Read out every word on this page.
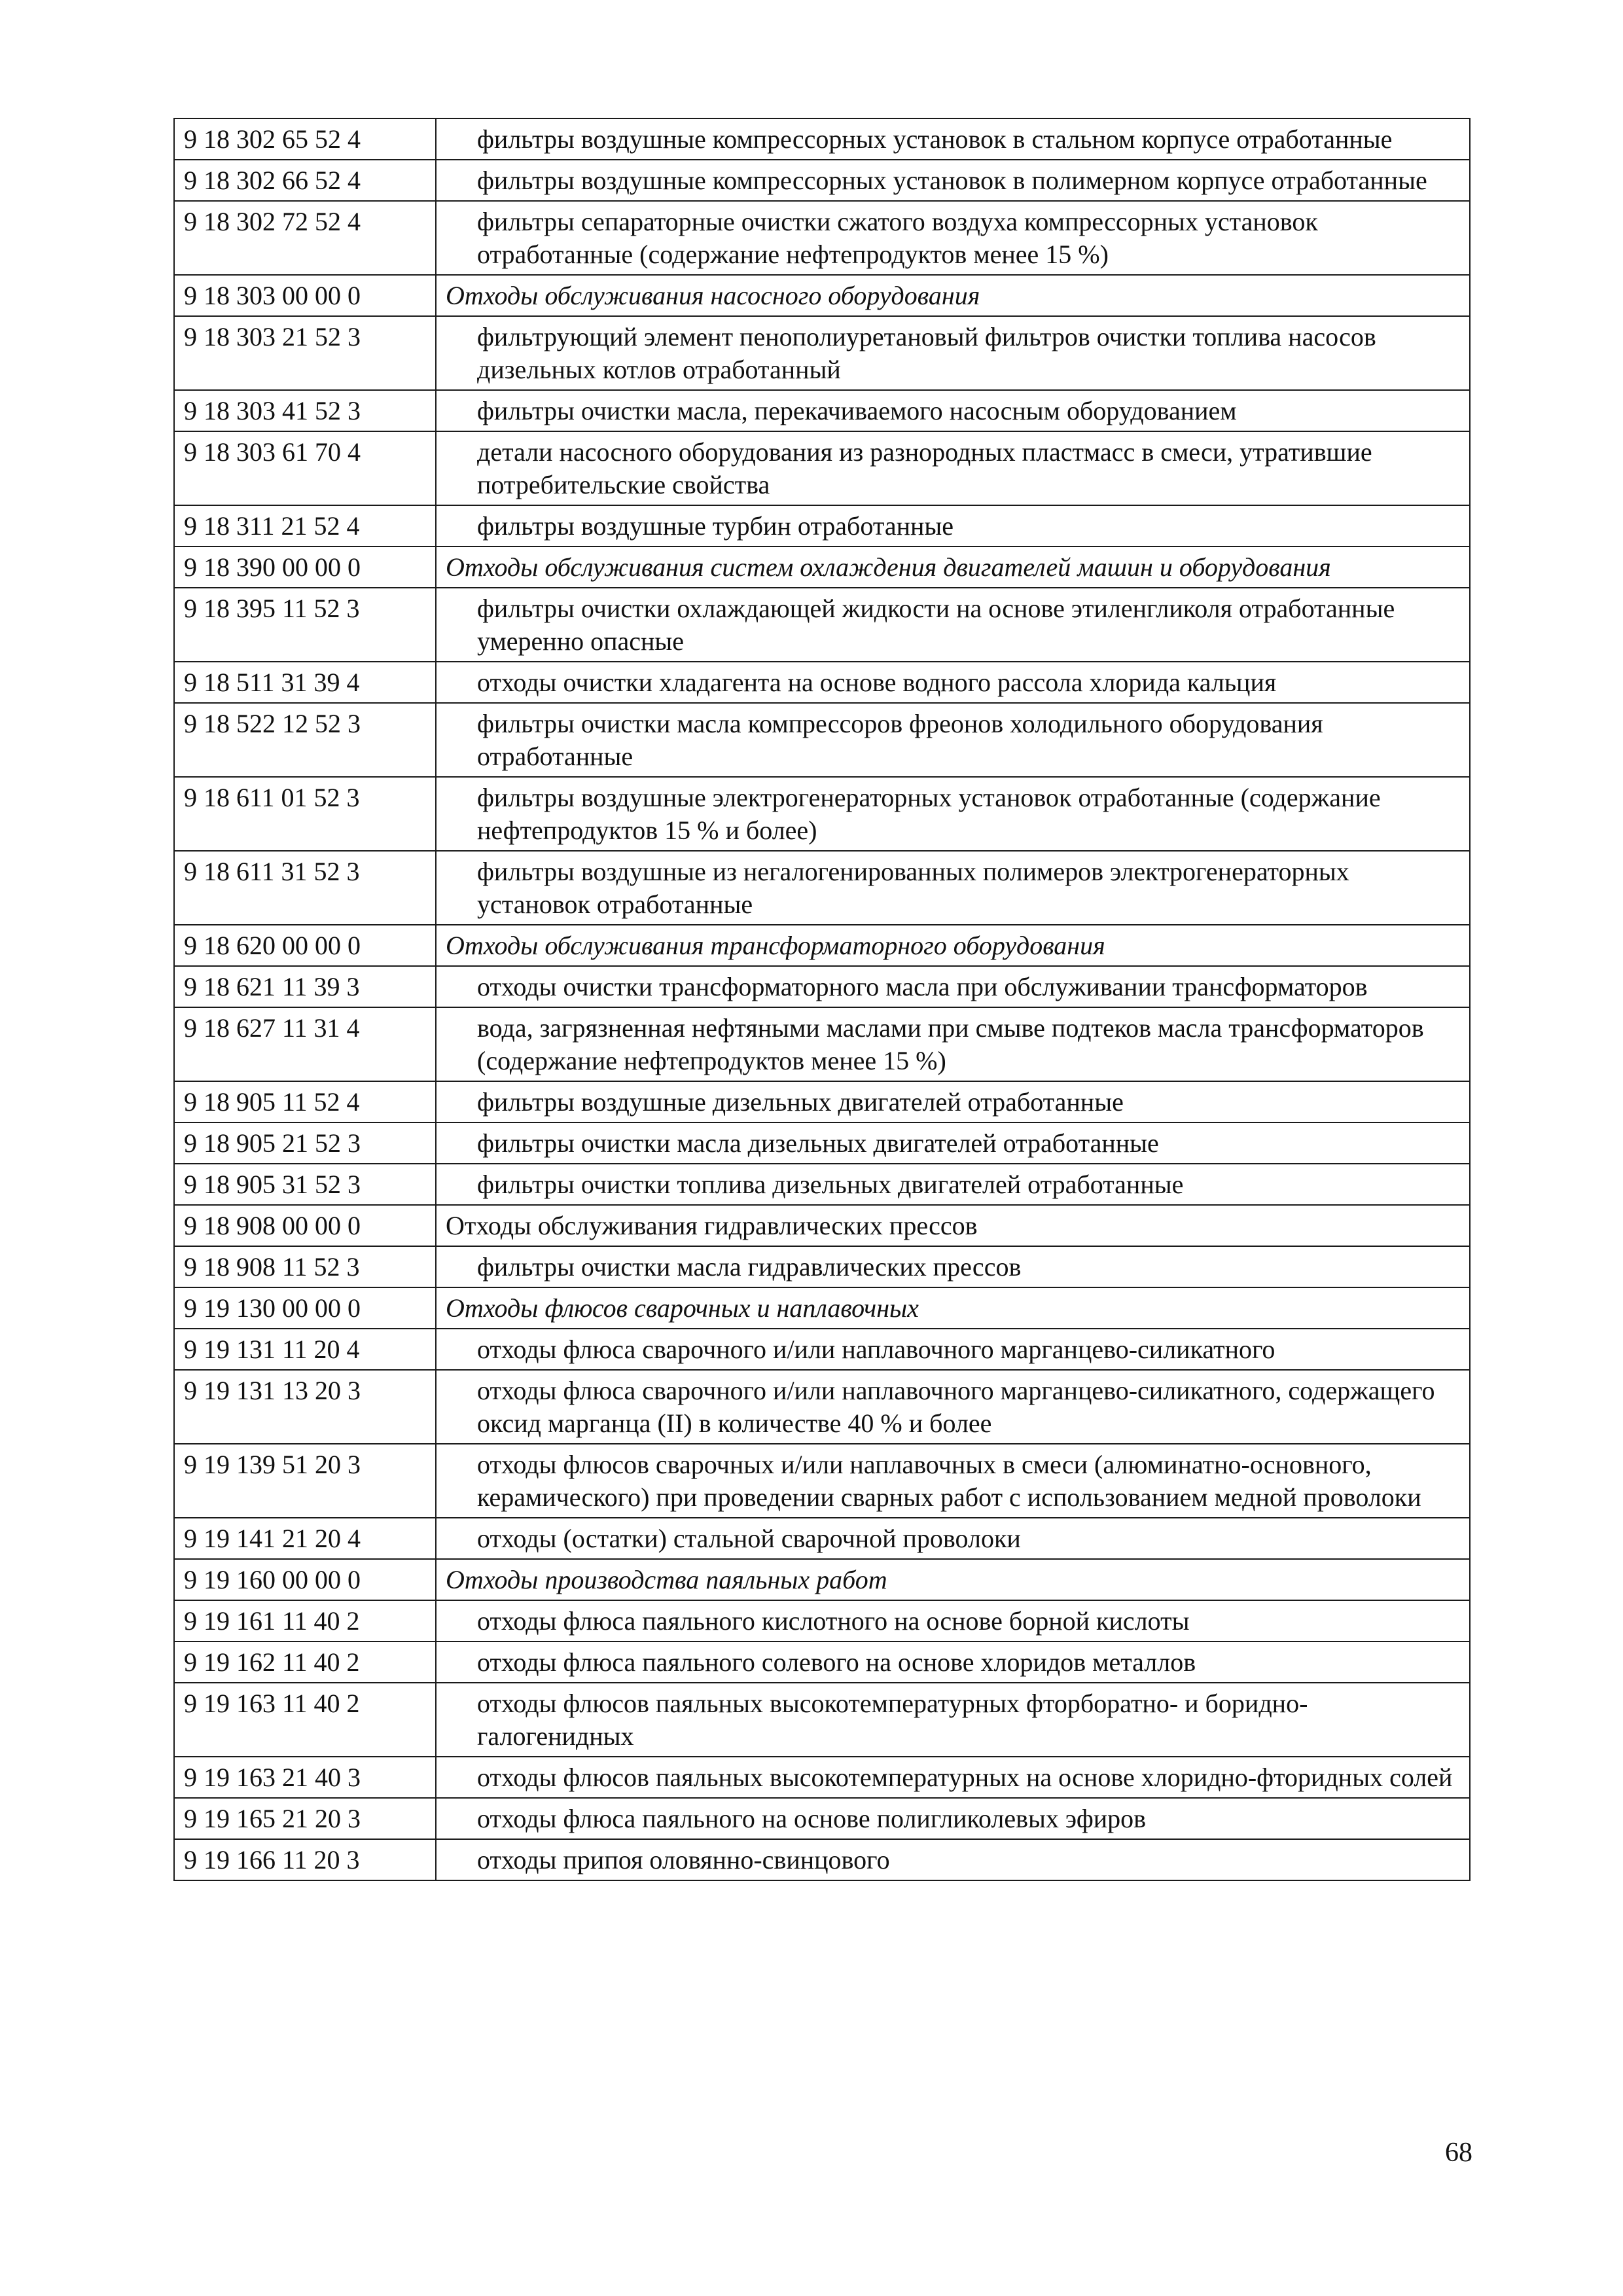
9 18 302 65 52 4	фильтры воздушные компрессорных установок в стальном корпусе отработанные
9 18 302 66 52 4	фильтры воздушные компрессорных установок в полимерном корпусе отработанные
9 18 302 72 52 4	фильтры сепараторные очистки сжатого воздуха компрессорных установок отработанные (содержание нефтепродуктов менее 15 %)
9 18 303 00 00 0	Отходы обслуживания насосного оборудования
9 18 303 21 52 3	фильтрующий элемент пенополиуретановый фильтров очистки топлива насосов дизельных котлов отработанный
9 18 303 41 52 3	фильтры очистки масла, перекачиваемого насосным оборудованием
9 18 303 61 70 4	детали насосного оборудования из разнородных пластмасс в смеси, утратившие потребительские свойства
9 18 311 21 52 4	фильтры воздушные турбин отработанные
9 18 390 00 00 0	Отходы обслуживания систем охлаждения двигателей машин и оборудования
9 18 395 11 52 3	фильтры очистки охлаждающей жидкости на основе этиленгликоля отработанные умеренно опасные
9 18 511 31 39 4	отходы очистки хладагента на основе водного рассола хлорида кальция
9 18 522 12 52 3	фильтры очистки масла компрессоров фреонов холодильного оборудования отработанные
9 18 611 01 52 3	фильтры воздушные электрогенераторных установок отработанные (содержание нефтепродуктов 15 % и более)
9 18 611 31 52 3	фильтры воздушные из негалогенированных полимеров электрогенераторных установок отработанные
9 18 620 00 00 0	Отходы обслуживания трансформаторного оборудования
9 18 621 11 39 3	отходы очистки трансформаторного масла при обслуживании трансформаторов
9 18 627 11 31 4	вода, загрязненная нефтяными маслами при смыве подтеков масла трансформаторов (содержание нефтепродуктов менее 15 %)
9 18 905 11 52 4	фильтры воздушные дизельных двигателей отработанные
9 18 905 21 52 3	фильтры очистки масла дизельных двигателей отработанные
9 18 905 31 52 3	фильтры очистки топлива дизельных двигателей отработанные
9 18 908 00 00 0	Отходы обслуживания гидравлических прессов
9 18 908 11 52 3	фильтры очистки масла гидравлических прессов
9 19 130 00 00 0	Отходы флюсов сварочных и наплавочных
9 19 131 11 20 4	отходы флюса сварочного и/или наплавочного марганцево-силикатного
9 19 131 13 20 3	отходы флюса сварочного и/или наплавочного марганцево-силикатного, содержащего оксид марганца (II) в количестве 40 % и более
9 19 139 51 20 3	отходы флюсов сварочных и/или наплавочных в смеси (алюминатно-основного, керамического) при проведении сварных работ с использованием медной проволоки
9 19 141 21 20 4	отходы (остатки) стальной сварочной проволоки
9 19 160 00 00 0	Отходы производства паяльных работ
9 19 161 11 40 2	отходы флюса паяльного кислотного на основе борной кислоты
9 19 162 11 40 2	отходы флюса паяльного солевого на основе хлоридов металлов
9 19 163 11 40 2	отходы флюсов паяльных высокотемпературных фторборатно- и боридно-галогенидных
9 19 163 21 40 3	отходы флюсов паяльных высокотемпературных на основе хлоридно-фторидных солей
9 19 165 21 20 3	отходы флюса паяльного на основе полигликолевых эфиров
9 19 166 11 20 3	отходы припоя оловянно-свинцового
68
